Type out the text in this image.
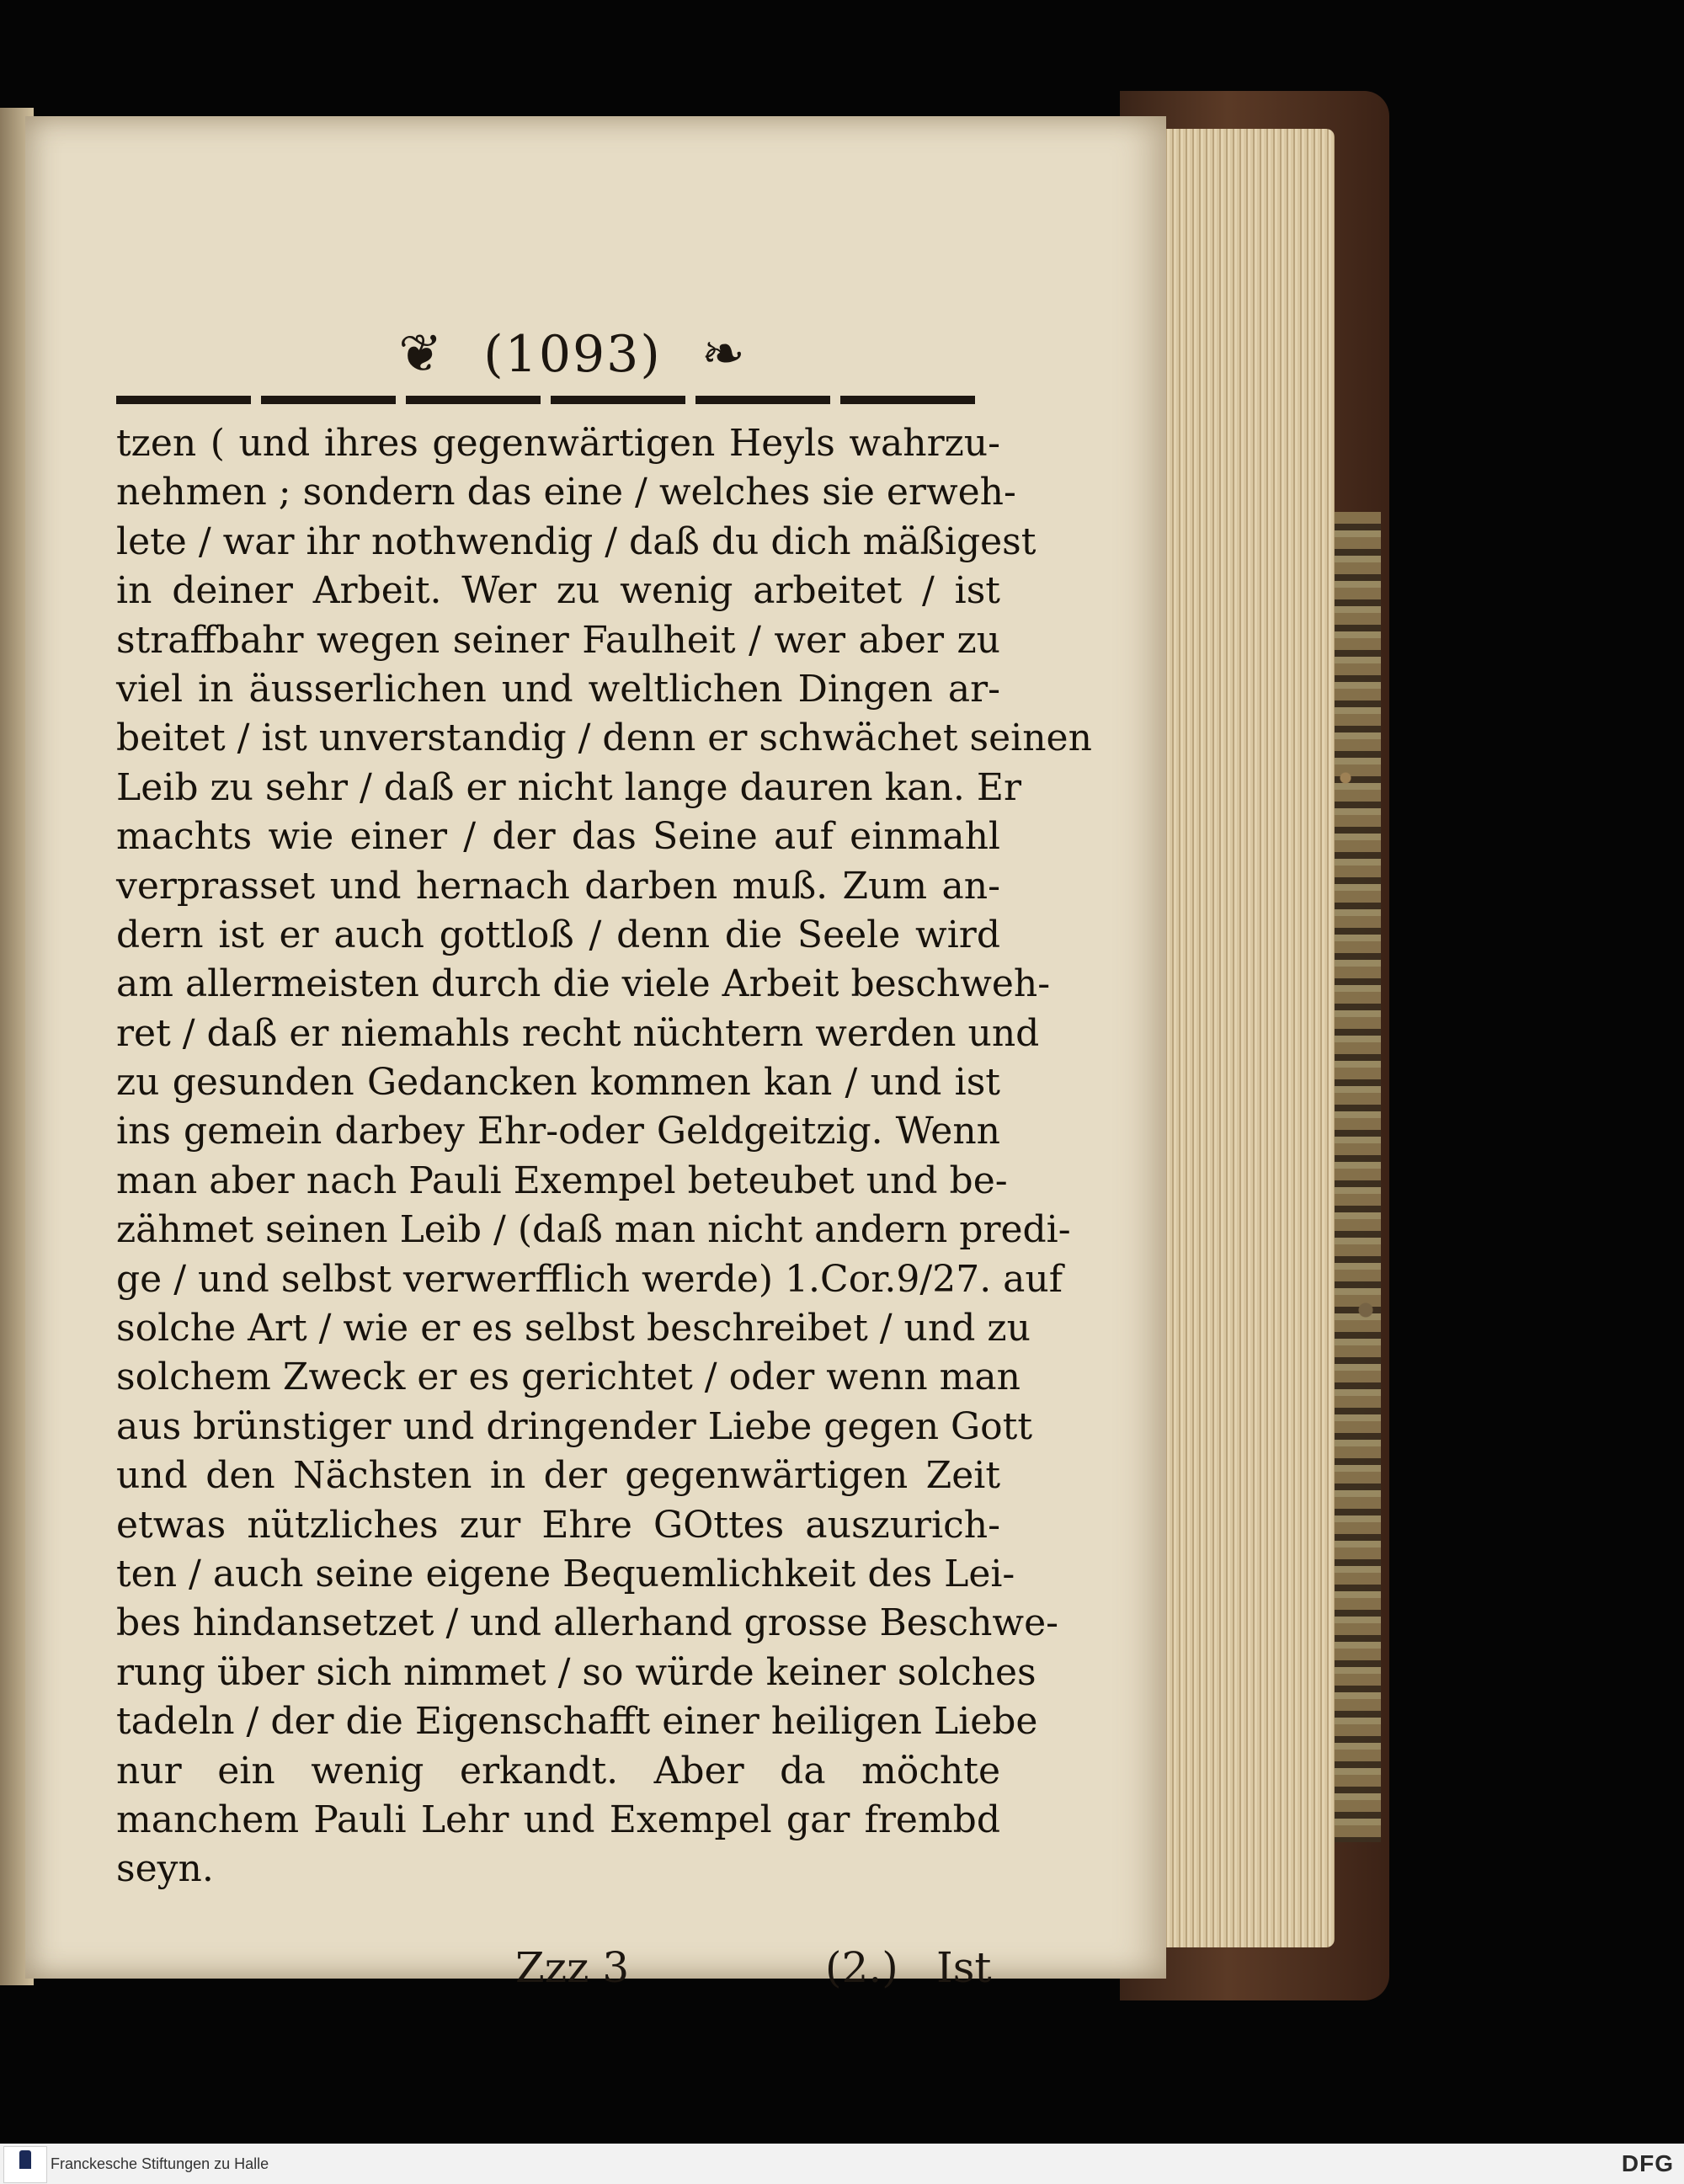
❦ (1093) ❧
tzen ( und ihres gegenwärtigen Heyls wahrzu-
nehmen ; sondern das eine / welches sie erweh-
lete / war ihr nothwendig / daß du dich mäßigest
in deiner Arbeit. Wer zu wenig arbeitet / ist
straffbahr wegen seiner Faulheit / wer aber zu
viel in äusserlichen und weltlichen Dingen ar-
beitet / ist unverstandig / denn er schwächet seinen
Leib zu sehr / daß er nicht lange dauren kan. Er
machts wie einer / der das Seine auf einmahl
verprasset und hernach darben muß. Zum an-
dern ist er auch gottloß / denn die Seele wird
am allermeisten durch die viele Arbeit beschweh-
ret / daß er niemahls recht nüchtern werden und
zu gesunden Gedancken kommen kan / und ist
ins gemein darbey Ehr-oder Geldgeitzig. Wenn
man aber nach Pauli Exempel beteubet und be-
zähmet seinen Leib / (daß man nicht andern predi-
ge / und selbst verwerfflich werde) 1.Cor.9/27. auf
solche Art / wie er es selbst beschreibet / und zu
solchem Zweck er es gerichtet / oder wenn man
aus brünstiger und dringender Liebe gegen Gott
und den Nächsten in der gegenwärtigen Zeit
etwas nützliches zur Ehre GOttes auszurich-
ten / auch seine eigene Bequemlichkeit des Lei-
bes hindansetzet / und allerhand grosse Beschwe-
rung über sich nimmet / so würde keiner solches
tadeln / der die Eigenschafft einer heiligen Liebe
nur ein wenig erkandt. Aber da möchte
manchem Pauli Lehr und Exempel gar frembd
seyn.
Zzz 3	(2.) Ist
Franckesche Stiftungen zu Halle	DFG
